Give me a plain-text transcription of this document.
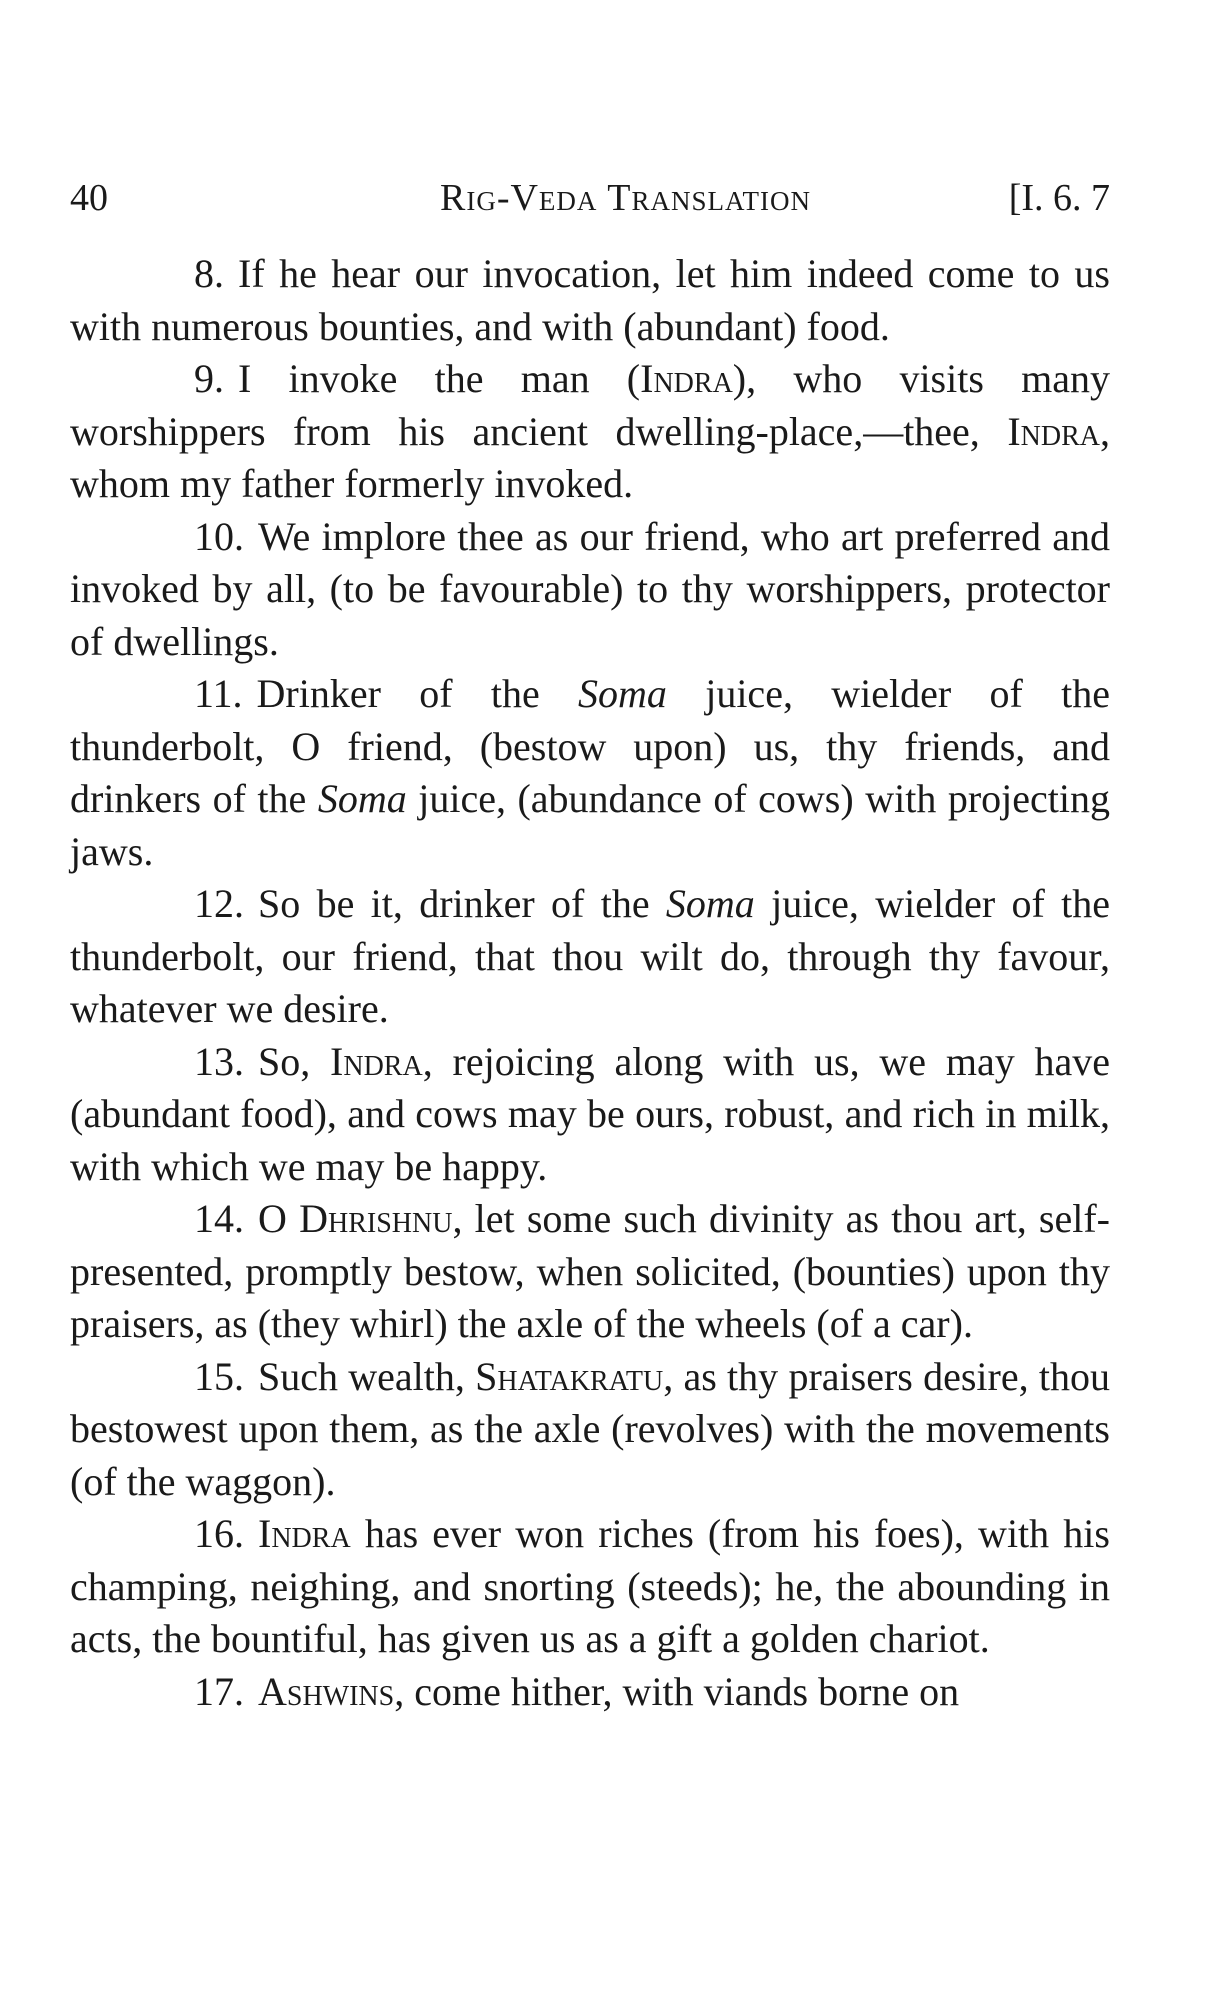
40	Rig-Veda Translation	[I. 6. 7

8. If he hear our invocation, let him indeed come to us with numerous bounties, and with (abundant) food.

9. I invoke the man (Indra), who visits many worshippers from his ancient dwelling-place,—thee, Indra, whom my father formerly invoked.

10. We implore thee as our friend, who art preferred and invoked by all, (to be favourable) to thy worshippers, protector of dwellings.

11. Drinker of the Soma juice, wielder of the thunderbolt, O friend, (bestow upon) us, thy friends, and drinkers of the Soma juice, (abundance of cows) with projecting jaws.

12. So be it, drinker of the Soma juice, wielder of the thunderbolt, our friend, that thou wilt do, through thy favour, whatever we desire.

13. So, Indra, rejoicing along with us, we may have (abundant food), and cows may be ours, robust, and rich in milk, with which we may be happy.

14. O Dhrishnu, let some such divinity as thou art, self-presented, promptly bestow, when solicited, (bounties) upon thy praisers, as (they whirl) the axle of the wheels (of a car).

15. Such wealth, Shatakratu, as thy praisers desire, thou bestowest upon them, as the axle (revolves) with the movements (of the waggon).

16. Indra has ever won riches (from his foes), with his champing, neighing, and snorting (steeds); he, the abounding in acts, the bountiful, has given us as a gift a golden chariot.

17. Ashwins, come hither, with viands borne on
